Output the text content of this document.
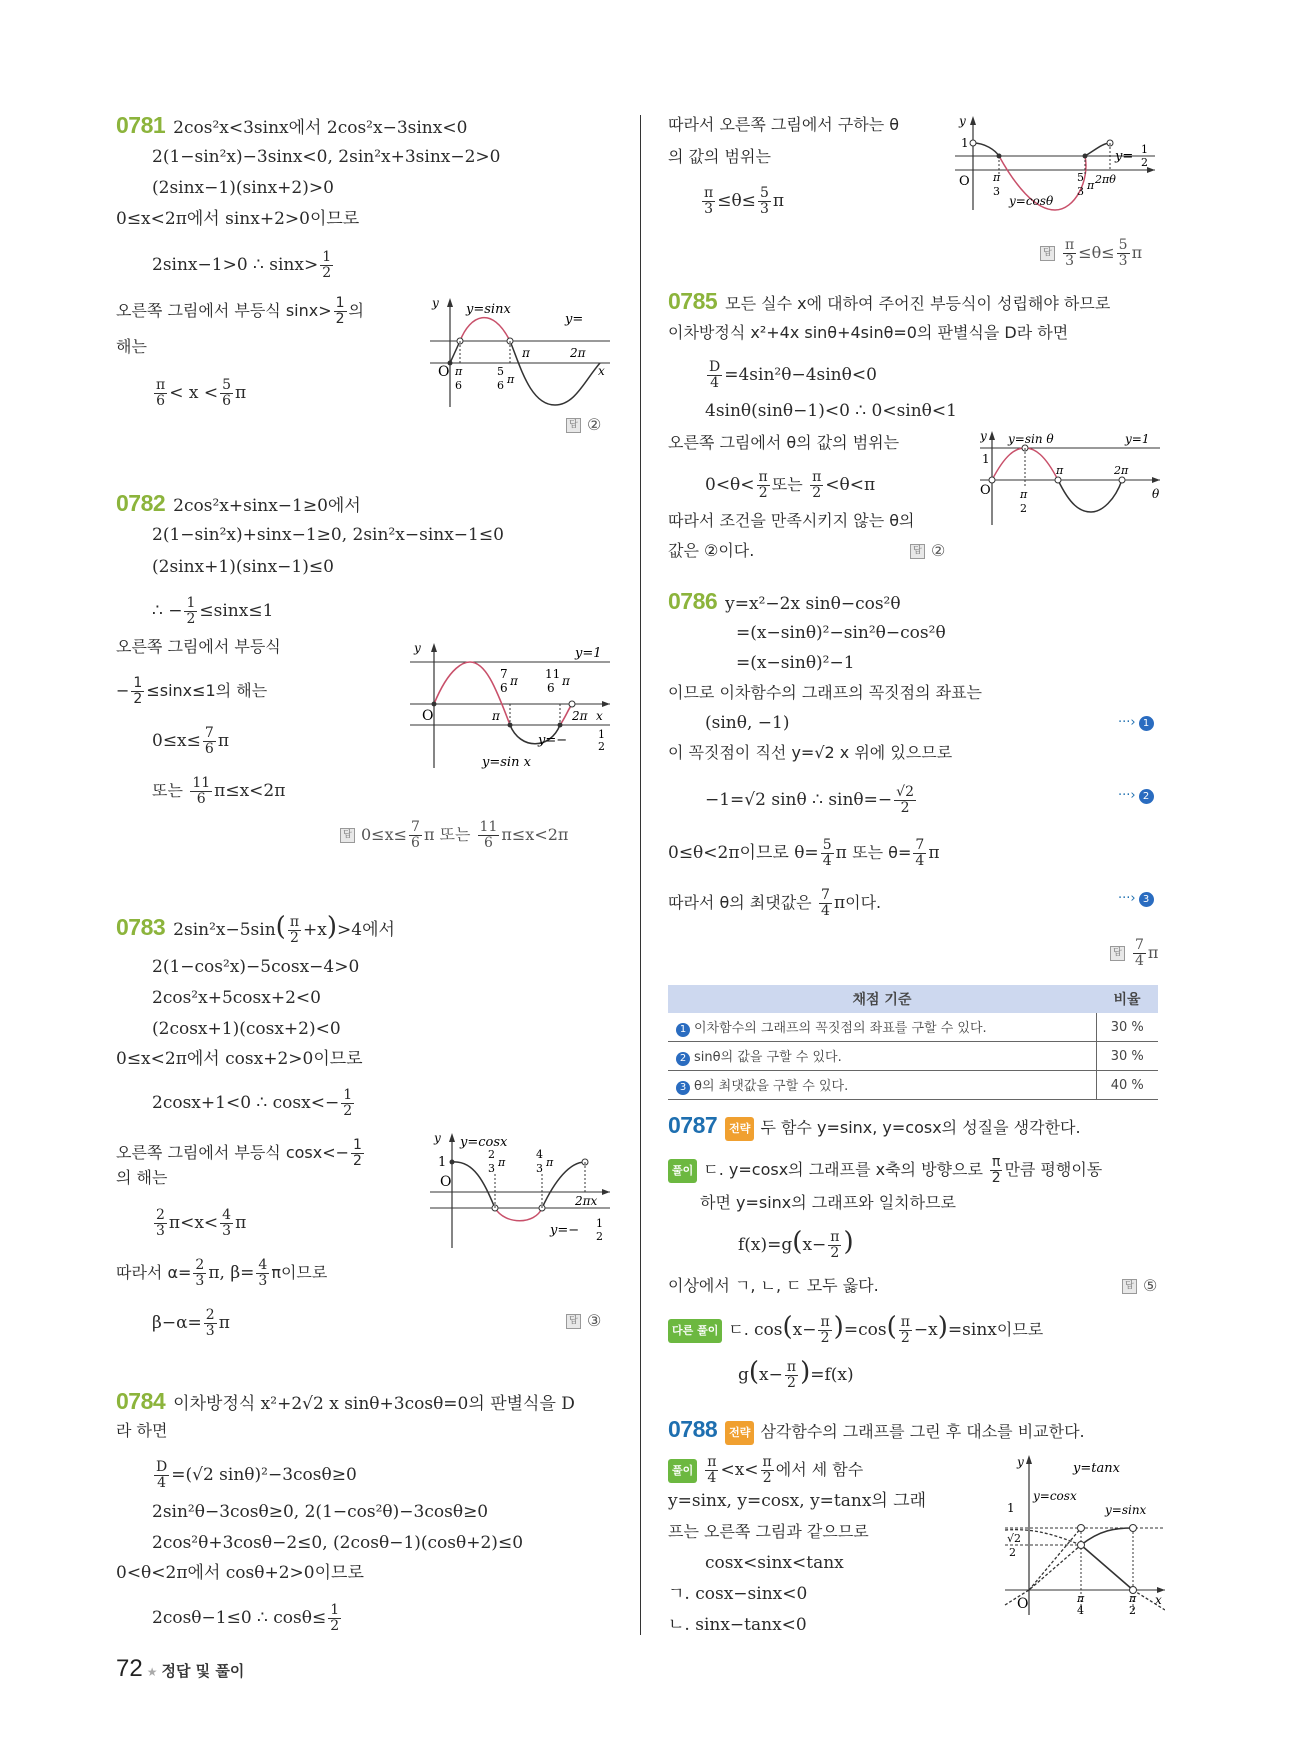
0781 2cos²x<3sinx에서 2cos²x−3sinx<0
2(1−sin²x)−3sinx<0, 2sin²x+3sinx−2>0
(2sinx−1)(sinx+2)>0
0≤x<2π에서 sinx+2>0이므로
2sinx−1>0 ∴ $\sin x> \frac{1}{2}$
오른쪽 그림에서 부등식 $\sin x> \frac{1}{2}$ 의
해는
$\frac{\pi}{6} < x < \frac{5}{6}$ π
y y=sinx
y=
O π
6
5
6 π
π	2π
x
답 ②
0782 2cos²x+sinx−1≥0에서
2(1−sin²x)+sinx−1≥0, 2sin²x−sinx−1≤0
(2sinx+1)(sinx−1)≤0
∴ − $\frac{1}{2} \le\sin x\le 1$
오른쪽 그림에서 부등식
− $\frac{1}{2} \le\sin x\le 1$의 해는
$0\le x\le \frac{7}{6}$ π
또는 $\frac{11}{6} \pi\le x<2\pi$
y	y=1
7
6 π 11
6 π
O	π	2π x
y=−	1
2
y=sin x
답 $0\le x\le \frac{7}{6}$ π 또는 $\frac{11}{6} \pi\le x<2\pi$
0783 $2\sin^2x-5\sin( \frac{\pi}{2} +x)>4$에서
2(1−cos²x)−5cosx−4>0
2cos²x+5cosx+2<0
(2cosx+1)(cosx+2)<0
0≤x<2π에서 cosx+2>0이므로
2cosx+1<0 ∴ $\cos x<- \frac{1}{2}$
오른쪽 그림에서 부등식 $\cos x<- \frac{1}{2}$
의 해는
$\frac{2}{3} \pi<x< \frac{4}{3}$ π
따라서 $\alpha= \frac{2}{3} \pi$, $\beta= \frac{4}{3}$ π이므로
$\beta-\alpha= \frac{2}{3}$ π
y y=cosx
1
O
2
3 π
4
3 π
2πx
y=− 1
2
답 ③
0784 이차방정식 x²+2√2 x sinθ+3cosθ=0의 판별식을 D
라 하면
$\frac{D}{4} =(√2$ sinθ)²−3cosθ≥0
2sin²θ−3cosθ≥0, 2(1−cos²θ)−3cosθ≥0
2cos²θ+3cosθ−2≤0, (2cosθ−1)(cosθ+2)≤0
0<θ<2π에서 cosθ+2>0이므로
2cosθ−1≤0 ∴ $\cos\theta\le \frac{1}{2}$
따라서 오른쪽 그림에서 구하는 θ
의 값의 범위는
$\frac{\pi}{3} \le\theta\le \frac{5}{3}$ π
y
1
O π
3
5
3 π 2πθ
y= 1
2
y=cosθ
답 $\frac{\pi}{3} \le\theta\le \frac{5}{3}$ π
0785 모든 실수 x에 대하여 주어진 부등식이 성립해야 하므로
이차방정식 x²+4x sinθ+4sinθ=0의 판별식을 D라 하면
$\frac{D}{4} =4\sin^2\theta-4\sin\theta<0$
4sinθ(sinθ−1)<0 ∴ 0<sinθ<1
오른쪽 그림에서 θ의 값의 범위는
$0<\theta< \frac{\pi}{2}$ 또는 $\frac{\pi}{2} <\theta<\pi$
따라서 조건을 만족시키지 않는 θ의
값은 ②이다.	답 ②
y y=sin θ	y=1
1
O	π
2
π	2π
θ
0786 y=x²−2x sinθ−cos²θ
=(x−sinθ)²−sin²θ−cos²θ
=(x−sinθ)²−1
이므로 이차함수의 그래프의 꼭짓점의 좌표는
(sinθ, −1)	···› 1
이 꼭짓점이 직선 y=√2 x 위에 있으므로
−1=√2 sinθ ∴ $\sin\theta=- \frac{√2}{2}$	···› 2
0≤θ<2π이므로 $\theta= \frac{5}{4}$ π 또는 $\theta= \frac{7}{4}$ π
따라서 θ의 최댓값은 $\frac{7}{4}$ π이다.	···› 3
답 $\frac{7}{4}$ π
채점 기준	비율
1 이차함수의 그래프의 꼭짓점의 좌표를 구할 수 있다.	30 %
2 sinθ의 값을 구할 수 있다.	30 %
3 θ의 최댓값을 구할 수 있다.	40 %
0787 전략 두 함수 y=sinx, y=cosx의 성질을 생각한다.
풀이 ㄷ. y=cosx의 그래프를 x축의 방향으로 $\frac{\pi}{2}$ 만큼 평행이동
하면 y=sinx의 그래프와 일치하므로
$f(x)=g(x- \frac{\pi}{2}$ )
이상에서 ㄱ, ㄴ, ㄷ 모두 옳다.	답 ⑤
다른 풀이 ㄷ. $\cos(x- \frac{\pi}{2} )=\cos( \frac{\pi}{2} -x)=\sin x$이므로
$g(x- \frac{\pi}{2} )=f(x)$
0788 전략 삼각함수의 그래프를 그린 후 대소를 비교한다.
풀이 $\frac{\pi}{4} <x< \frac{\pi}{2}$ 에서 세 함수
y=sinx, y=cosx, y=tanx의 그래
프는 오른쪽 그림과 같으므로
cosx<sinx<tanx
ㄱ. cosx−sinx<0
ㄴ. sinx−tanx<0
y	y=tanx
y=cosx
y=sinx
1
√2
2
O	π
4
π
2
x
72 ★ 정답 및 풀이
